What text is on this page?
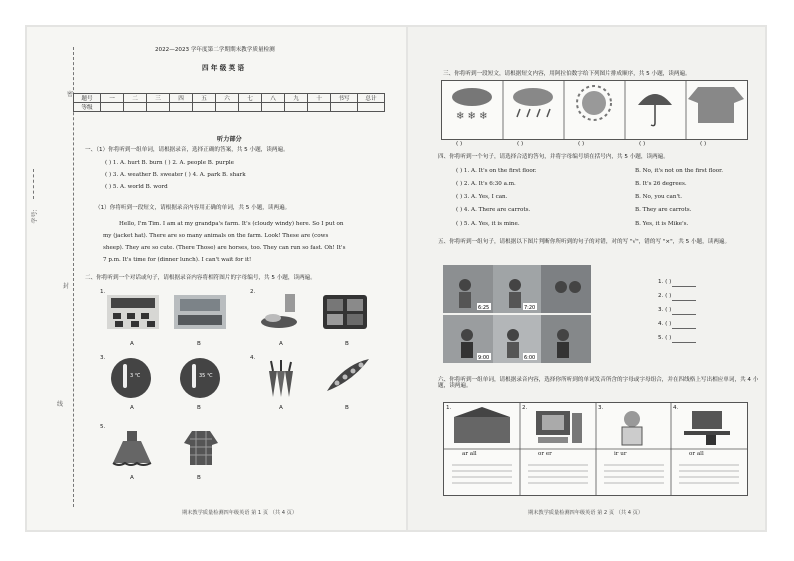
密
封
线
学号:
2022—2023 学年度第二学期期末教学质量检测
四 年 级 英 语
题号	一	二	三	四	五	六	七	八	九	十	书写	总计
等级												
听力部分
一、（1）你将听到一组单词，请根据录音，选择正确的答案，共 5 小题，读两遍。
( ) 1. A. hurt B. burn ( ) 2. A. people B. purple
( ) 3. A. weather B. sweater ( ) 4. A. park B. shark
( ) 5. A. world B. word
（1）你将听到一段短文，请根据录音内容用正确的单词，共 5 小题，读两遍。
Hello, I'm Tim. I am at my grandpa's farm. It's (cloudy windy) here. So I put on
my (jacket hat). There are so many animals on the farm. Look! These are (cows
sheep). They are so cute. (There Those) are horses, too. They can run so fast. Oh! It's
7 p.m. It's time for (dinner lunch). I can't wait for it!
二、你将听到一个对话或句子，请根据录音内容将相符图片的字母编号，共 5 小题，读两遍。
1.
A	B
2.
A	B
3.
3 ℃	35 ℃
A	B
4.
A	B
5.
A	B
期末教学质量检测四年级英语 第 1 页 （共 4 页）
三、你将听到一段短文，请根据短文内容，用阿拉伯数字给下列图片排成顺序，共 5 小题，读两遍。
❄ ❄ ❄
( )	( )	( )	( )	( )
四、你将听到一个句子，请选择合适的答句，并将字母编号填在括号内，共 5 小题，读两遍。
( ) 1. A. It's on the first floor.	B. No, it's not on the first floor.
( ) 2. A. It's 6:30 a.m.	B. It's 26 degrees.
( ) 3. A. Yes, I can.	B. No, you can't.
( ) 4. A. There are carrots.	B. They are carrots.
( ) 5. A. Yes, it is mine.	B. Yes, it is Mike's.
五、你将听到一组句子，请根据以下图片判断你所听到的句子的对错，对的写 "√"，错的写 "×"，共 5 小题，读两遍。
6:25	7:20
9:00	6:00
1. ( )
2. ( )
3. ( )
4. ( )
5. ( )
六、你将听到一组单词，请根据录音内容，选择你所听到的单词发音所含的字母或字母组合，并在四线格上写出相应单词，共 4 小题，读两遍。
1.	2.	3.	4.
ar all	or er	ir ur	or all
期末教学质量检测四年级英语 第 2 页 （共 4 页）
